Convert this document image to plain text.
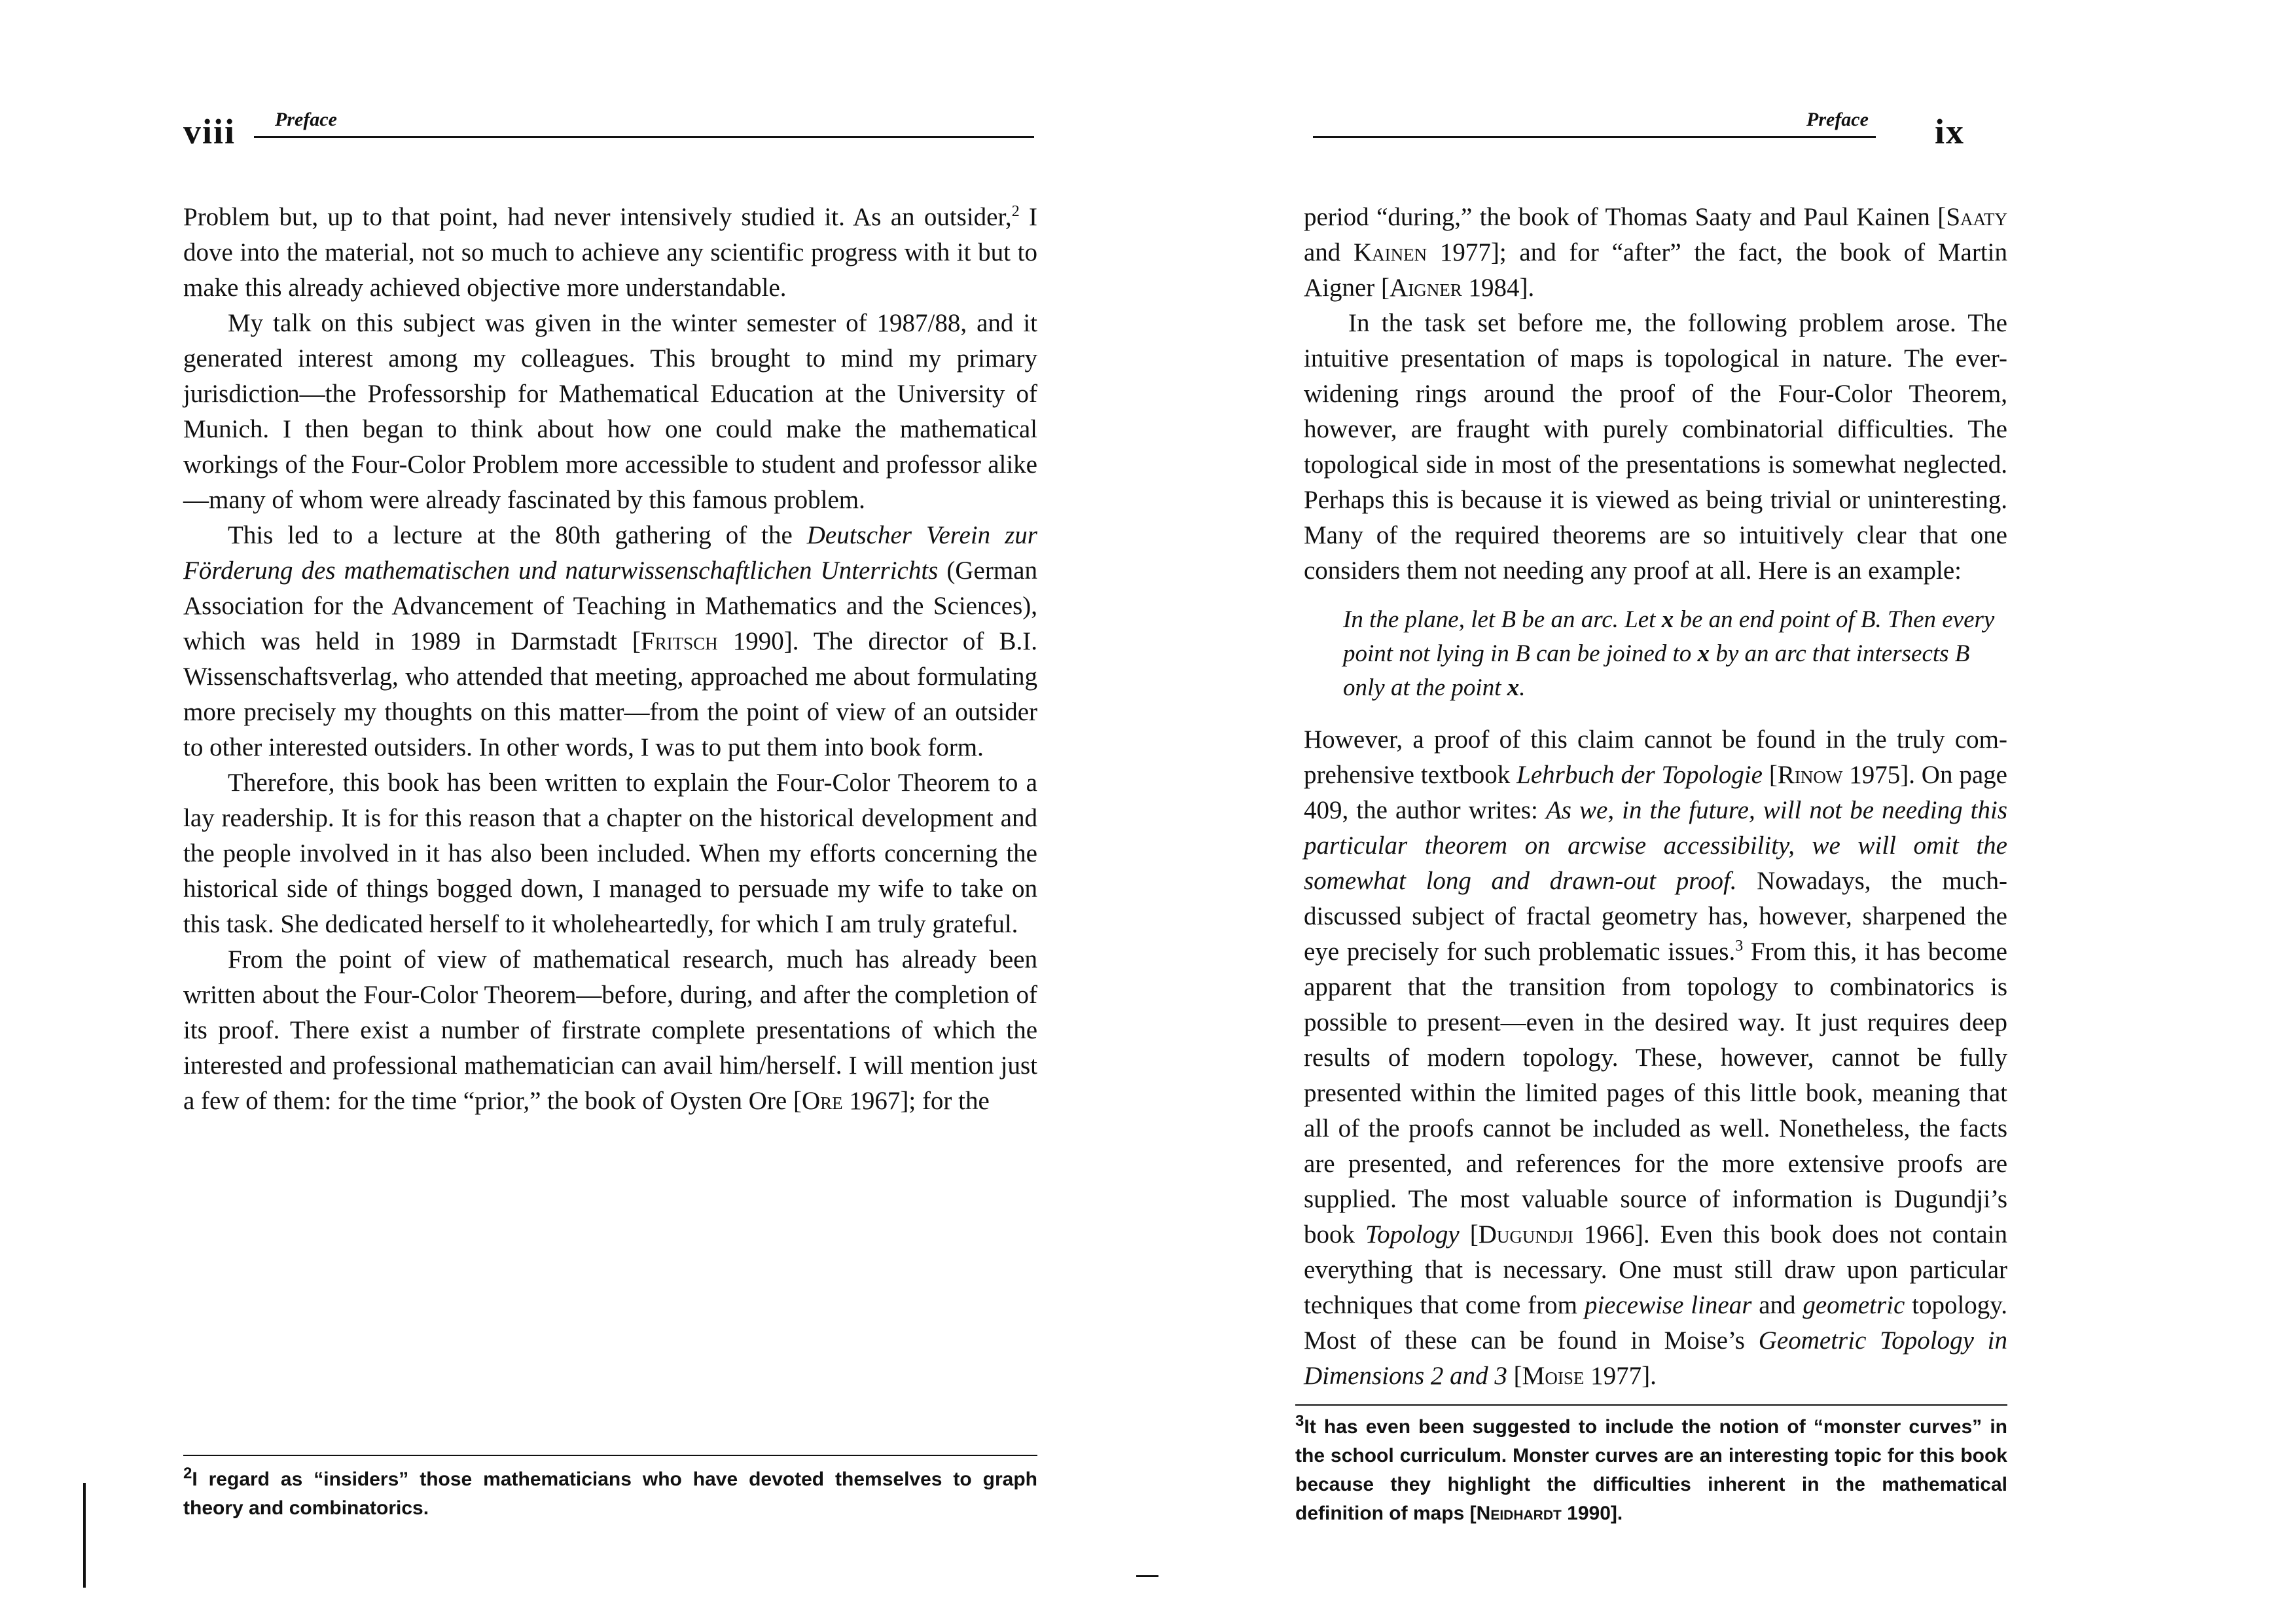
viii Preface

Problem but, up to that point, had never intensively studied it. As an outsider,$^2$ I dove into the material, not so much to achieve any scientific progress with it but to make this already achieved objective more understandable.

My talk on this subject was given in the winter semester of 1987/88, and it generated interest among my colleagues. This brought to mind my primary jurisdiction—the Professorship for Mathematical Education at the University of Munich. I then began to think about how one could make the mathematical workings of the Four-Color Problem more accessible to student and professor alike—many of whom were already fascinated by this famous problem.

This led to a lecture at the 80th gathering of the Deutscher Verein zur Förderung des mathematischen und naturwissenschaftlichen Unterrichts (German Association for the Advancement of Teaching in Mathematics and the Sciences), which was held in 1989 in Darmstadt [Fritsch 1990]. The director of B.I. Wissenschaftsverlag, who attended that meeting, approached me about formulating more precisely my thoughts on this matter—from the point of view of an outsider to other interested outsiders. In other words, I was to put them into book form.

Therefore, this book has been written to explain the Four-Color Theorem to a lay readership. It is for this reason that a chapter on the historical development and the people involved in it has also been included. When my efforts concerning the historical side of things bogged down, I managed to persuade my wife to take on this task. She dedicated herself to it wholeheartedly, for which I am truly grateful.

From the point of view of mathematical research, much has already been written about the Four-Color Theorem—before, during, and after the completion of its proof. There exist a number of firstrate complete presentations of which the interested and professional mathematician can avail him/herself. I will mention just a few of them: for the time “prior,” the book of Oysten Ore [Ore 1967]; for the

$^2$I regard as “insiders” those mathematicians who have devoted themselves to graph theory and combinatorics.
Preface ix

period “during,” the book of Thomas Saaty and Paul Kainen [Saaty and Kainen 1977]; and for “after” the fact, the book of Martin Aigner [Aigner 1984].

In the task set before me, the following problem arose. The intuitive presentation of maps is topological in nature. The ever-widening rings around the proof of the Four-Color Theorem, however, are fraught with purely combinatorial difficulties. The topological side in most of the presentations is somewhat neglected. Perhaps this is because it is viewed as being trivial or uninteresting. Many of the required theorems are so intuitively clear that one considers them not needing any proof at all. Here is an example:

In the plane, let B be an arc. Let x be an end point of B. Then every point not lying in B can be joined to x by an arc that intersects B only at the point x.

However, a proof of this claim cannot be found in the truly comprehensive textbook Lehrbuch der Topologie [Rinow 1975]. On page 409, the author writes: As we, in the future, will not be needing this particular theorem on arcwise accessibility, we will omit the somewhat long and drawn-out proof. Nowadays, the much-discussed subject of fractal geometry has, however, sharpened the eye precisely for such problematic issues.$^3$ From this, it has become apparent that the transition from topology to combinatorics is possible to present—even in the desired way. It just requires deep results of modern topology. These, however, cannot be fully presented within the limited pages of this little book, meaning that all of the proofs cannot be included as well. Nonetheless, the facts are presented, and references for the more extensive proofs are supplied. The most valuable source of information is Dugundji’s book Topology [Dugundji 1966]. Even this book does not contain everything that is necessary. One must still draw upon particular techniques that come from piecewise linear and geometric topology. Most of these can be found in Moise’s Geometric Topology in Dimensions 2 and 3 [Moise 1977].

$^3$It has even been suggested to include the notion of “monster curves” in the school curriculum. Monster curves are an interesting topic for this book because they highlight the difficulties inherent in the mathematical definition of maps [Neidhardt 1990].
